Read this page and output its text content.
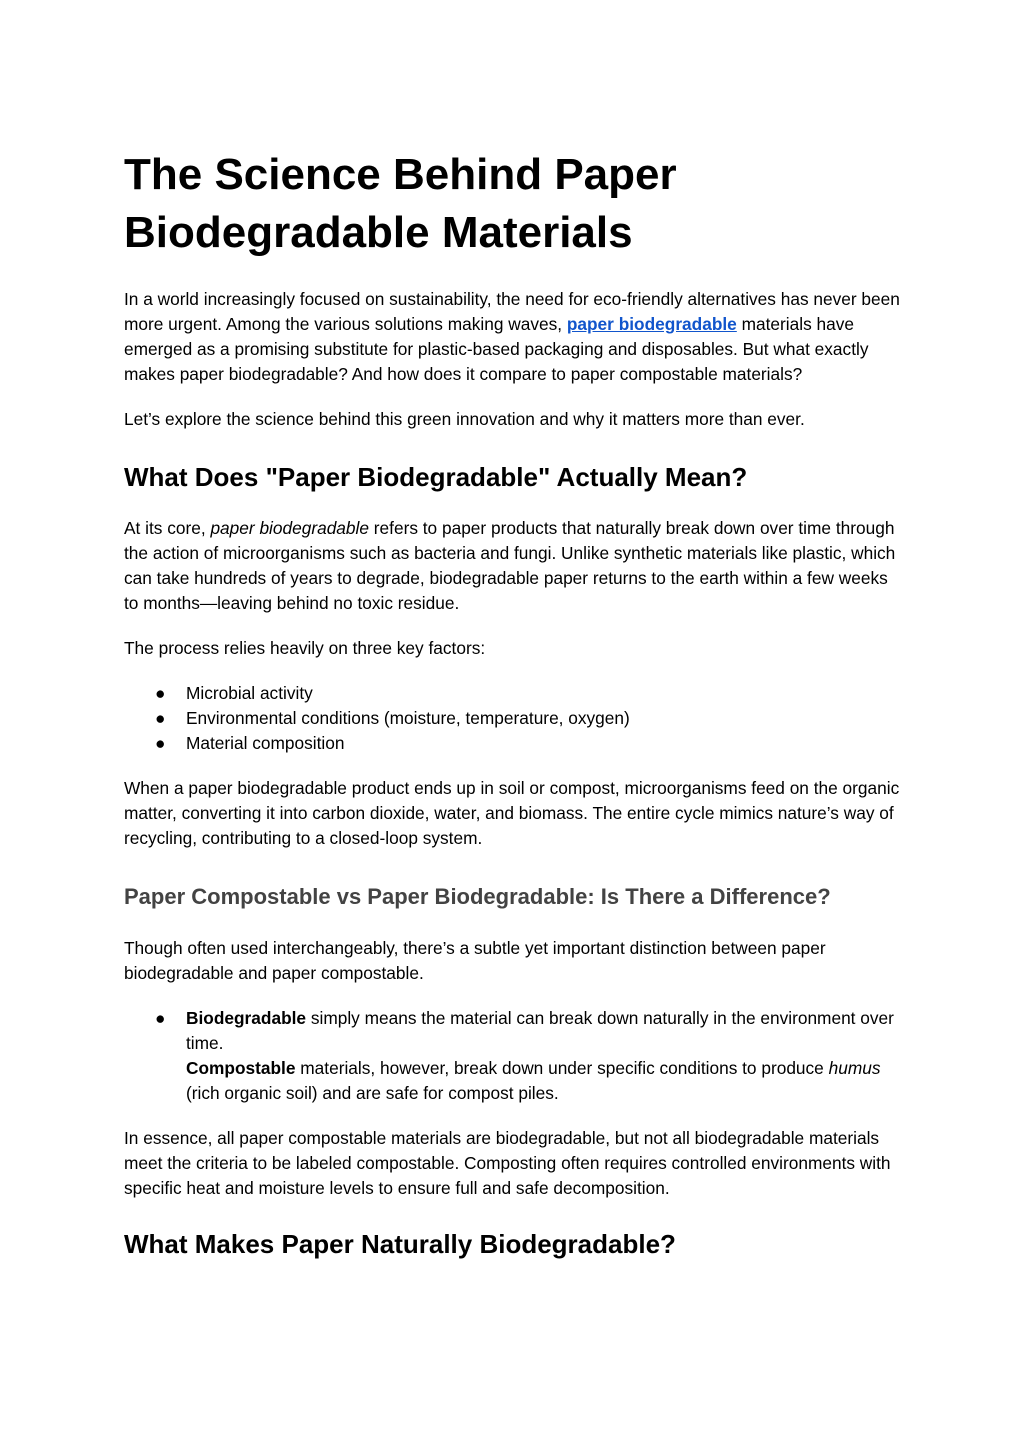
The Science Behind Paper Biodegradable Materials

In a world increasingly focused on sustainability, the need for eco-friendly alternatives has never been more urgent. Among the various solutions making waves, paper biodegradable materials have emerged as a promising substitute for plastic-based packaging and disposables. But what exactly makes paper biodegradable? And how does it compare to paper compostable materials?

Let’s explore the science behind this green innovation and why it matters more than ever.

What Does "Paper Biodegradable" Actually Mean?

At its core, paper biodegradable refers to paper products that naturally break down over time through the action of microorganisms such as bacteria and fungi. Unlike synthetic materials like plastic, which can take hundreds of years to degrade, biodegradable paper returns to the earth within a few weeks to months—leaving behind no toxic residue.

The process relies heavily on three key factors:

● Microbial activity
● Environmental conditions (moisture, temperature, oxygen)
● Material composition

When a paper biodegradable product ends up in soil or compost, microorganisms feed on the organic matter, converting it into carbon dioxide, water, and biomass. The entire cycle mimics nature’s way of recycling, contributing to a closed-loop system.

Paper Compostable vs Paper Biodegradable: Is There a Difference?

Though often used interchangeably, there’s a subtle yet important distinction between paper biodegradable and paper compostable.

● Biodegradable simply means the material can break down naturally in the environment over time.
Compostable materials, however, break down under specific conditions to produce humus (rich organic soil) and are safe for compost piles.

In essence, all paper compostable materials are biodegradable, but not all biodegradable materials meet the criteria to be labeled compostable. Composting often requires controlled environments with specific heat and moisture levels to ensure full and safe decomposition.

What Makes Paper Naturally Biodegradable?
